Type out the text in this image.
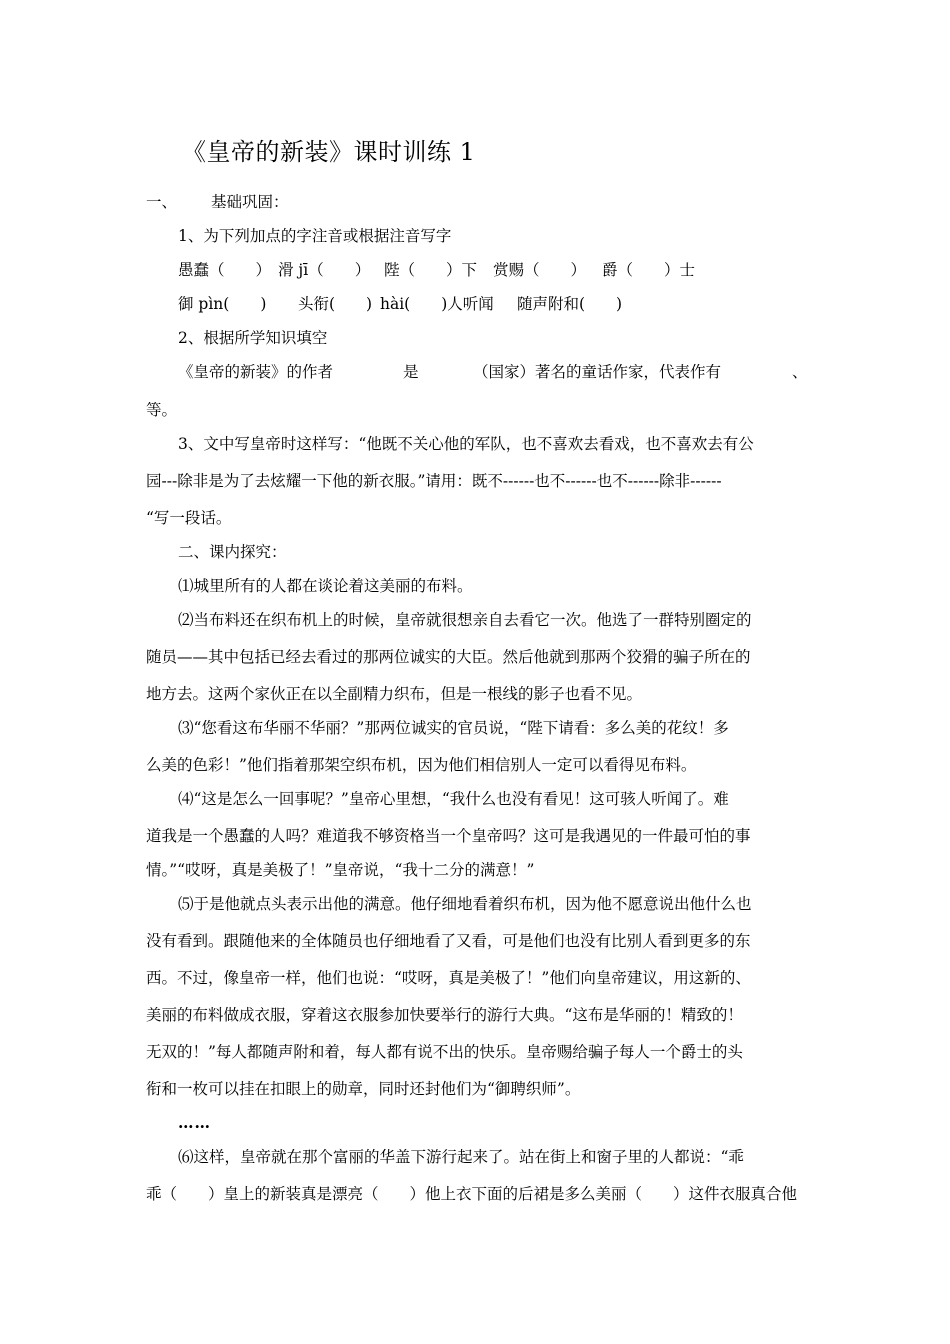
《皇帝的新装》课时训练 1
一、 基础巩固：
1、为下列加点的字注音或根据注音写字
愚蠢（　　） 滑 jī（　　） 陛（　　）下 赏赐（　　） 爵（　　）士
御 pìn(　　) 头衔(　　) hài(　　)人听闻 随声附和(　　)
2、根据所学知识填空
《皇帝的新装》的作者	是	（国家）著名的童话作家，代表作有	、
等。
3、文中写皇帝时这样写：“他既不关心他的军队，也不喜欢去看戏，也不喜欢去有公
园---除非是为了去炫耀一下他的新衣服。”请用：既不------也不------也不------除非------
“写一段话。
二、课内探究：
⑴城里所有的人都在谈论着这美丽的布料。
⑵当布料还在织布机上的时候，皇帝就很想亲自去看它一次。他选了一群特别圈定的
随员——其中包括已经去看过的那两位诚实的大臣。然后他就到那两个狡猾的骗子所在的
地方去。这两个家伙正在以全副精力织布，但是一根线的影子也看不见。
⑶“您看这布华丽不华丽？”那两位诚实的官员说，“陛下请看：多么美的花纹！多
么美的色彩！”他们指着那架空织布机，因为他们相信别人一定可以看得见布料。
⑷“这是怎么一回事呢？”皇帝心里想，“我什么也没有看见！这可骇人听闻了。难
道我是一个愚蠢的人吗？难道我不够资格当一个皇帝吗？这可是我遇见的一件最可怕的事
情。”“哎呀，真是美极了！”皇帝说，“我十二分的满意！”
⑸于是他就点头表示出他的满意。他仔细地看着织布机，因为他不愿意说出他什么也
没有看到。跟随他来的全体随员也仔细地看了又看，可是他们也没有比别人看到更多的东
西。不过，像皇帝一样，他们也说：“哎呀，真是美极了！”他们向皇帝建议，用这新的、
美丽的布料做成衣服，穿着这衣服参加快要举行的游行大典。“这布是华丽的！精致的！
无双的！”每人都随声附和着，每人都有说不出的快乐。皇帝赐给骗子每人一个爵士的头
衔和一枚可以挂在扣眼上的勋章，同时还封他们为“御聘织师”。
……
⑹这样，皇帝就在那个富丽的华盖下游行起来了。站在街上和窗子里的人都说：“乖
乖（　　）皇上的新装真是漂亮（　　）他上衣下面的后裙是多么美丽（　　）这件衣服真合他
